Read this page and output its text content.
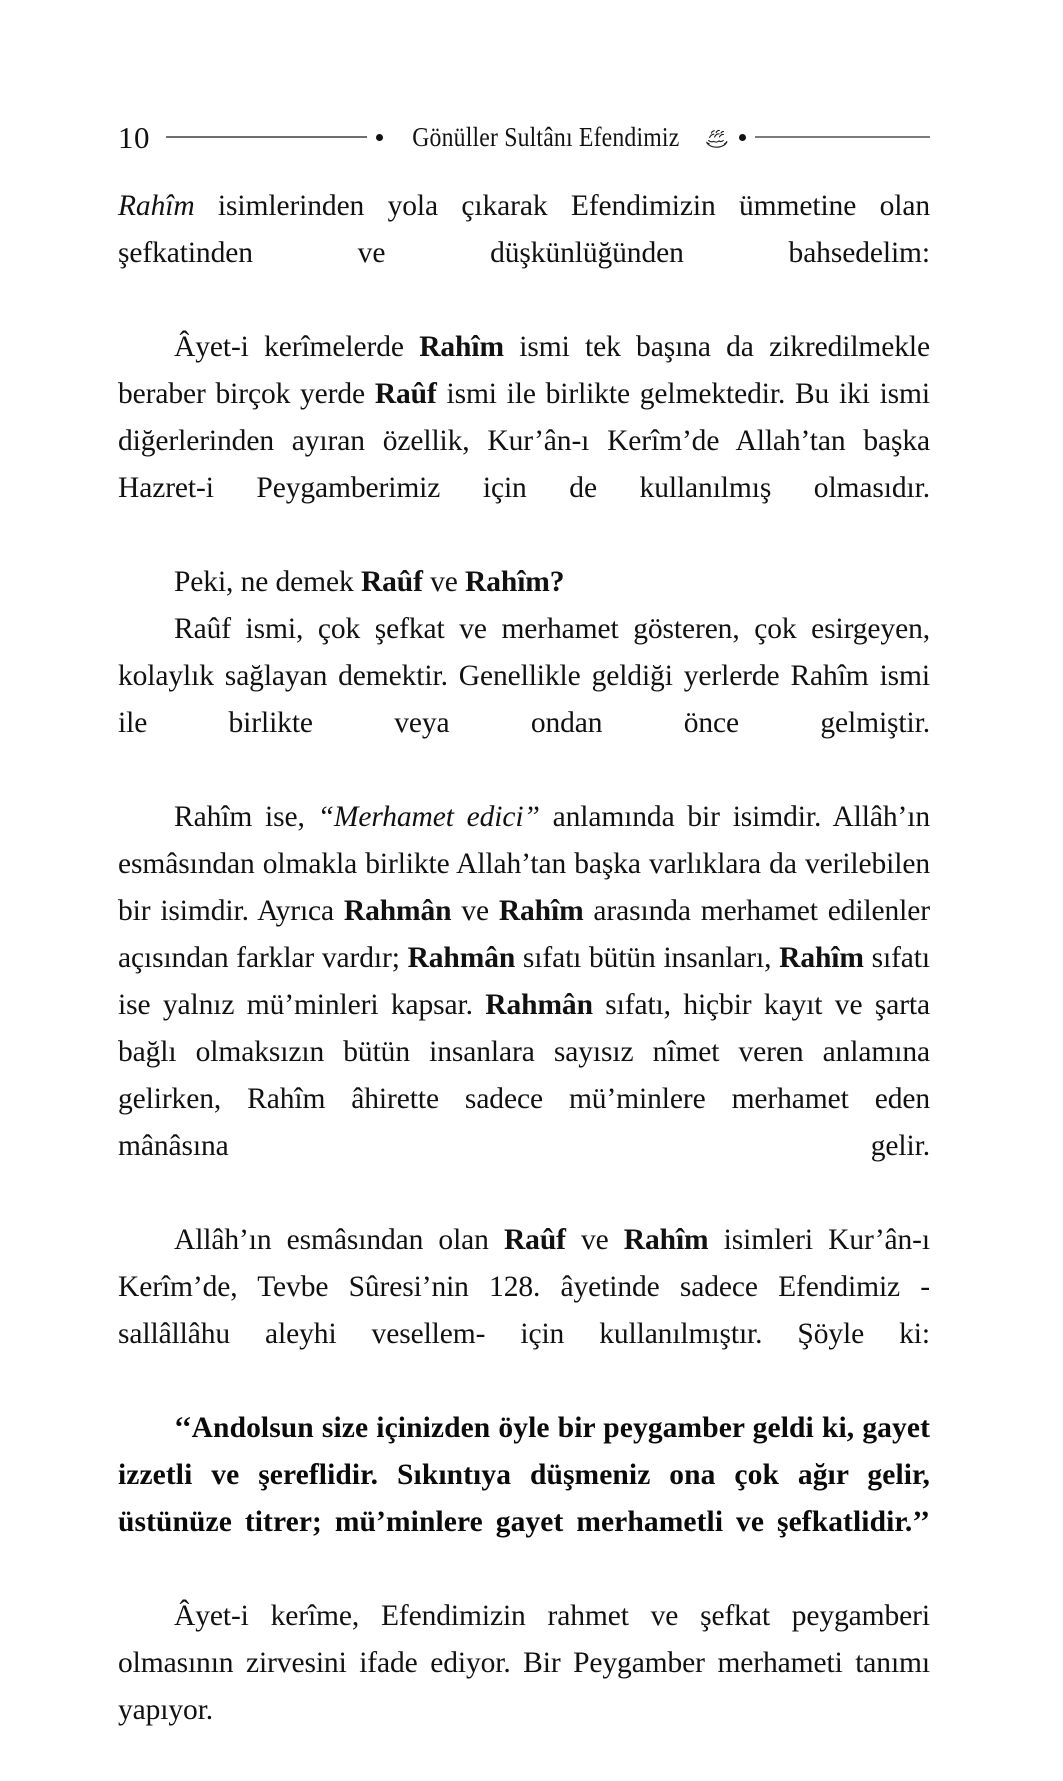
10	Gönüller Sultânı Efendimiz

Rahîm isimlerinden yola çıkarak Efendimizin ümmetine olan şefkatinden ve düşkünlüğünden bahsedelim:

Âyet-i kerîmelerde Rahîm ismi tek başına da zikredilmekle beraber birçok yerde Raûf ismi ile birlikte gelmektedir. Bu iki ismi diğerlerinden ayıran özellik, Kur’ân-ı Kerîm’de Allah’tan başka Hazret-i Peygamberimiz için de kullanılmış olmasıdır.

Peki, ne demek Raûf ve Rahîm?

Raûf ismi, çok şefkat ve merhamet gösteren, çok esirgeyen, kolaylık sağlayan demektir. Genellikle geldiği yerlerde Rahîm ismi ile birlikte veya ondan önce gelmiştir.

Rahîm ise, “Merhamet edici” anlamında bir isimdir. Allâh’ın esmâsından olmakla birlikte Allah’tan başka varlıklara da verilebilen bir isimdir. Ayrıca Rahmân ve Rahîm arasında merhamet edilenler açısından farklar vardır; Rahmân sıfatı bütün insanları, Rahîm sıfatı ise yalnız mü’minleri kapsar. Rahmân sıfatı, hiçbir kayıt ve şarta bağlı olmaksızın bütün insanlara sayısız nîmet veren anlamına gelirken, Rahîm âhirette sadece mü’minlere merhamet eden mânâsına gelir.

Allâh’ın esmâsından olan Raûf ve Rahîm isimleri Kur’ân-ı Kerîm’de, Tevbe Sûresi’nin 128. âyetinde sadece Efendimiz -sallâllâhu aleyhi vesellem- için kullanılmıştır. Şöyle ki:

‘‘Andolsun size içinizden öyle bir peygamber geldi ki, gayet izzetli ve şereflidir. Sıkıntıya düşmeniz ona çok ağır gelir, üstünüze titrer; mü’minlere gayet merhametli ve şefkatlidir.’’

Âyet-i kerîme, Efendimizin rahmet ve şefkat peygamberi olmasının zirvesini ifade ediyor. Bir Peygamber merhameti tanımı yapıyor.
